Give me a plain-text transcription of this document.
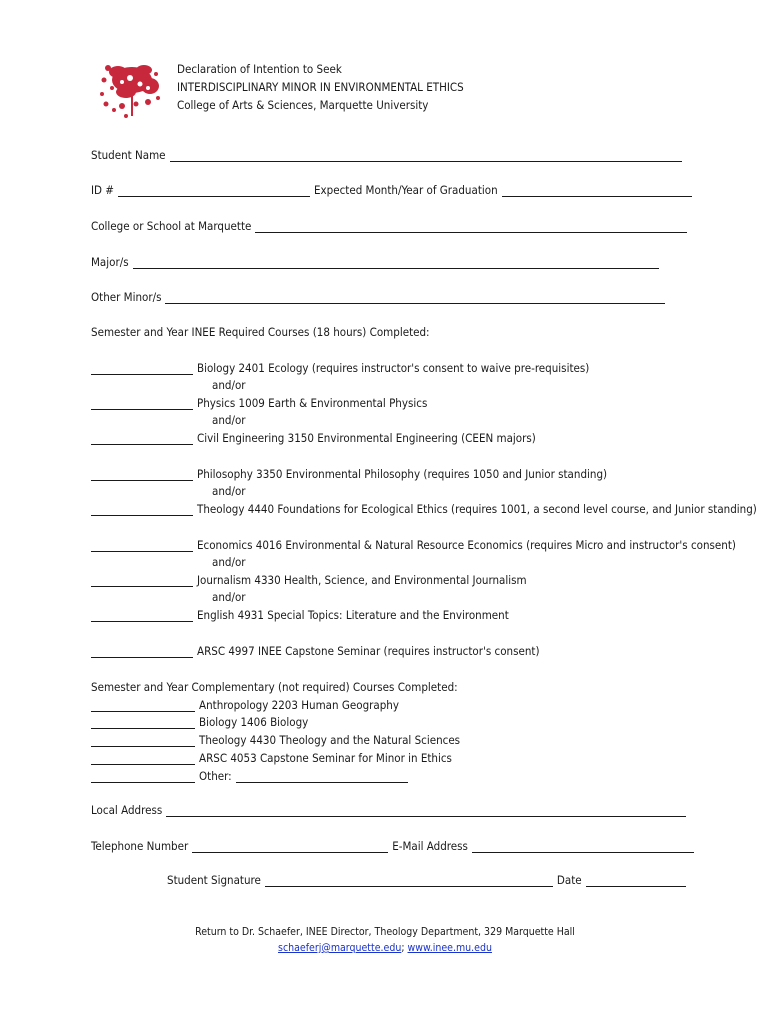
Declaration of Intention to Seek
INTERDISCIPLINARY MINOR IN ENVIRONMENTAL ETHICS
College of Arts & Sciences, Marquette University
Student Name
ID #	Expected Month/Year of Graduation
College or School at Marquette
Major/s
Other Minor/s
Semester and Year INEE Required Courses (18 hours) Completed:
Biology 2401 Ecology (requires instructor's consent to waive pre-requisites)
and/or
Physics 1009 Earth & Environmental Physics
and/or
Civil Engineering 3150 Environmental Engineering (CEEN majors)
Philosophy 3350 Environmental Philosophy (requires 1050 and Junior standing)
and/or
Theology 4440 Foundations for Ecological Ethics (requires 1001, a second level course, and Junior standing)
Economics 4016 Environmental & Natural Resource Economics (requires Micro and instructor's consent)
and/or
Journalism 4330 Health, Science, and Environmental Journalism
and/or
English 4931 Special Topics: Literature and the Environment
ARSC 4997 INEE Capstone Seminar (requires instructor's consent)
Semester and Year Complementary (not required) Courses Completed:
Anthropology 2203 Human Geography
Biology 1406 Biology
Theology 4430 Theology and the Natural Sciences
ARSC 4053 Capstone Seminar for Minor in Ethics
Other:
Local Address
Telephone Number	E-Mail Address
Student Signature	Date
Return to Dr. Schaefer, INEE Director, Theology Department, 329 Marquette Hall
schaeferj@marquette.edu; www.inee.mu.edu
